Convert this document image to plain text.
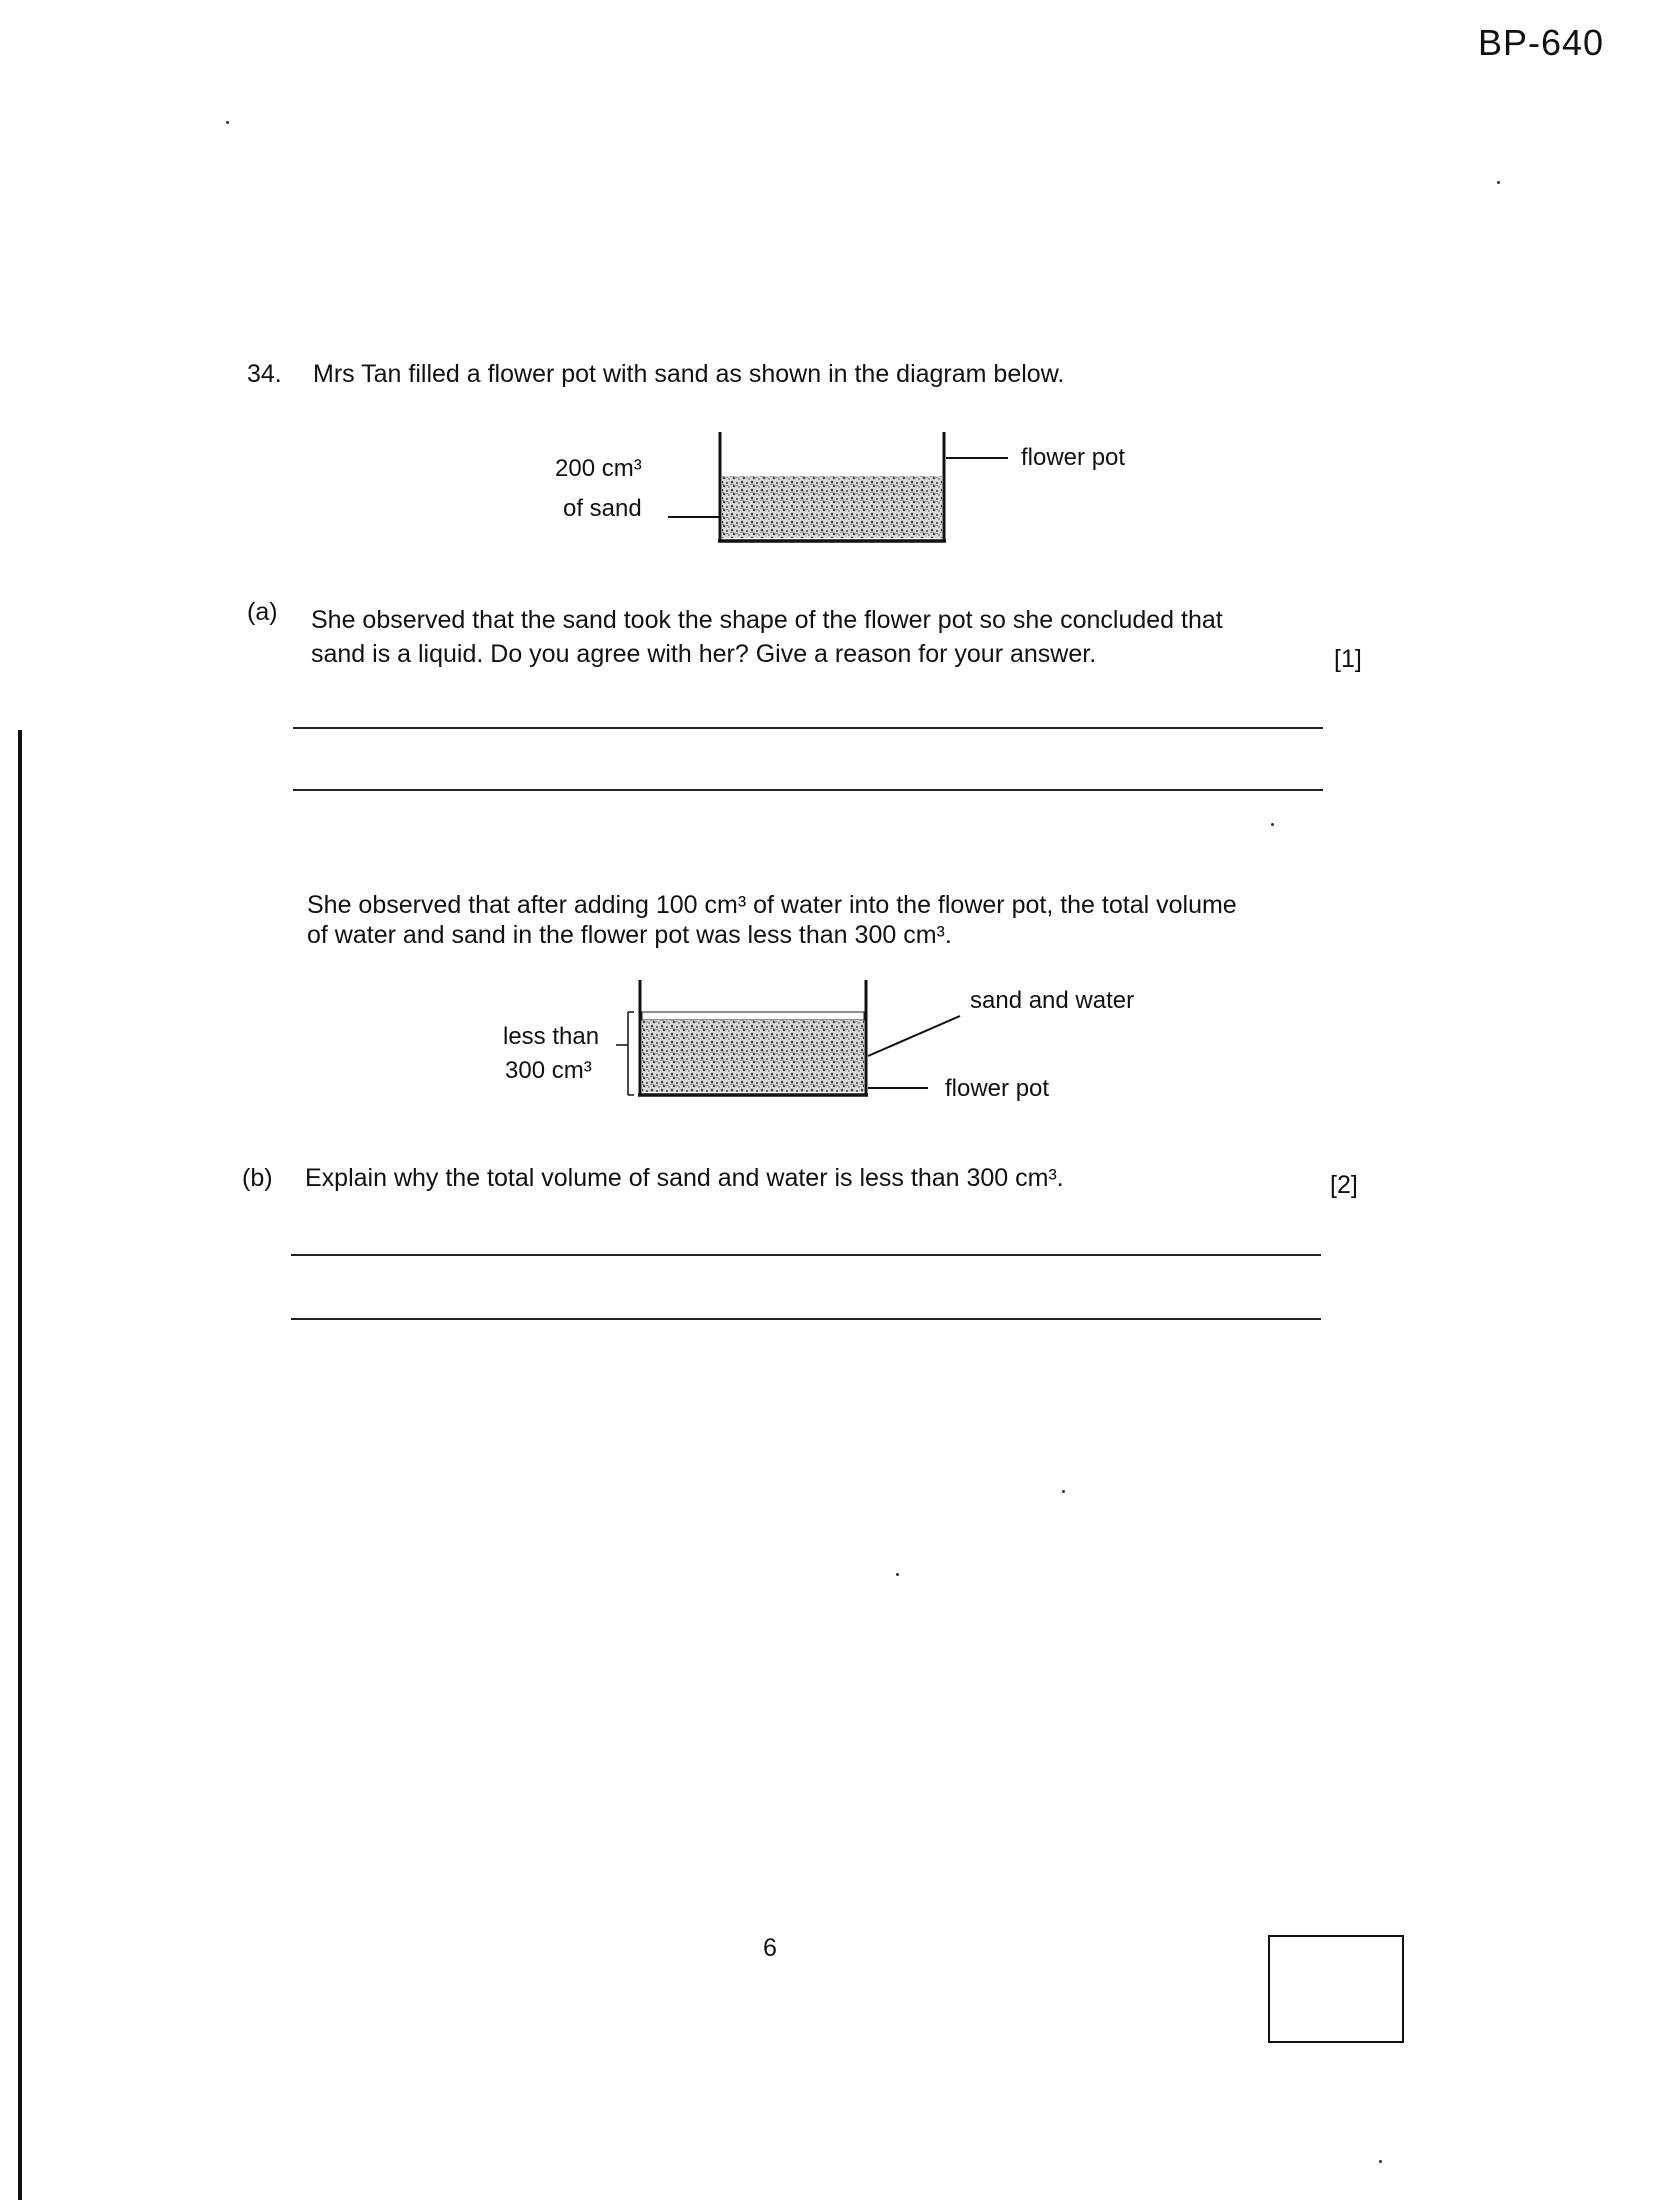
BP-640
34. Mrs Tan filled a flower pot with sand as shown in the diagram below.
200 cm³
of sand
flower pot
(a) She observed that the sand took the shape of the flower pot so she concluded that
sand is a liquid. Do you agree with her? Give a reason for your answer.	[1]
She observed that after adding 100 cm³ of water into the flower pot, the total volume
of water and sand in the flower pot was less than 300 cm³.
less than
300 cm³
sand and water
flower pot
(b) Explain why the total volume of sand and water is less than 300 cm³.	[2]
6
